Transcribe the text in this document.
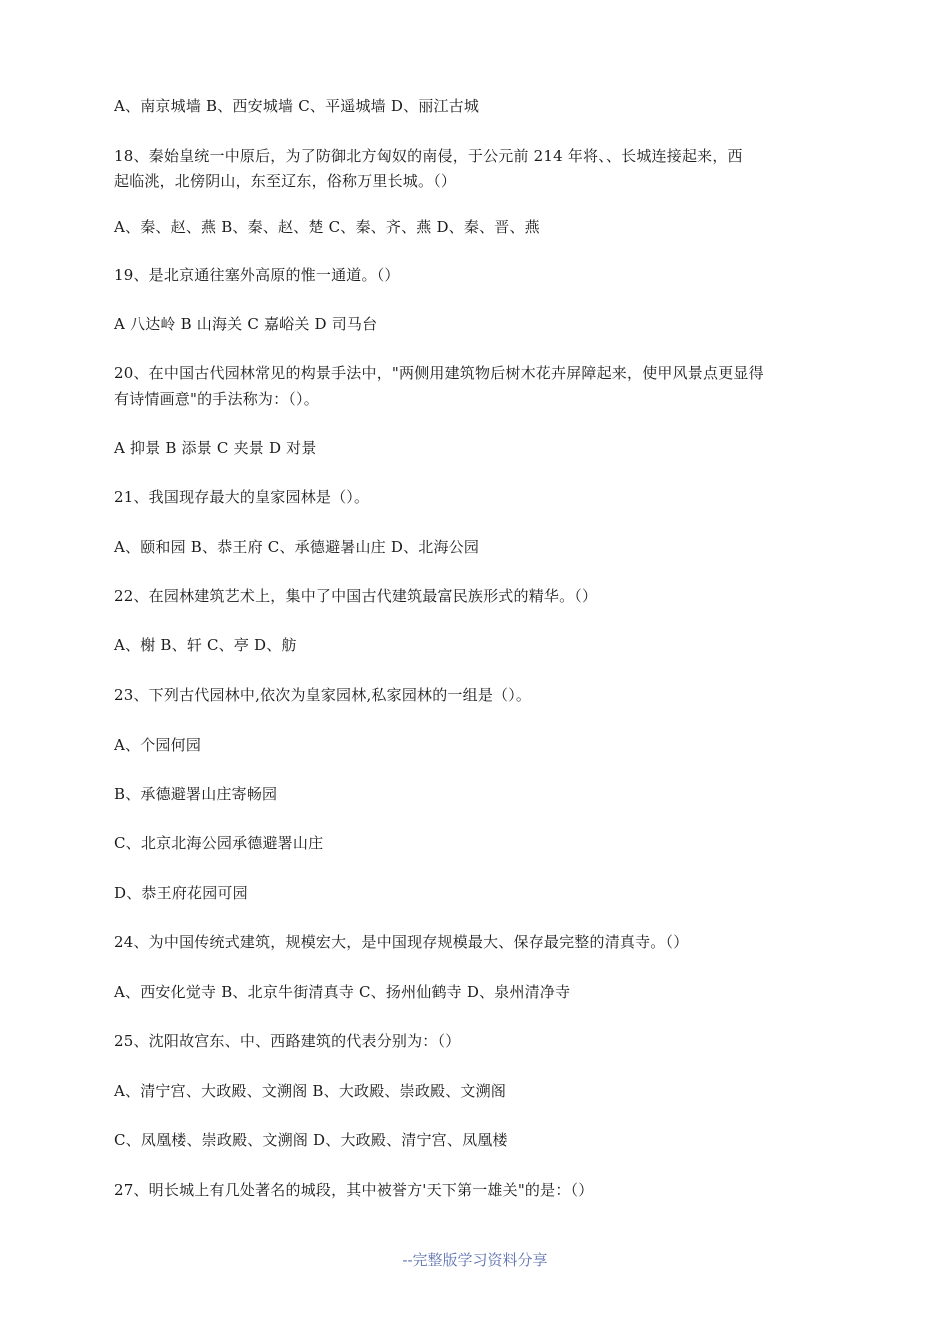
A、南京城墙 B、西安城墙 C、平遥城墙 D、丽江古城
18、秦始皇统一中原后，为了防御北方匈奴的南侵，于公元前 214 年将、、长城连接起来，西
起临洮，北傍阴山，东至辽东，俗称万里长城。（）
A、秦、赵、燕 B、秦、赵、楚 C、秦、齐、燕 D、秦、晋、燕
19、是北京通往塞外高原的惟一通道。（）
A 八达岭 B 山海关 C 嘉峪关 D 司马台
20、在中国古代园林常见的构景手法中，"两侧用建筑物后树木花卉屏障起来，使甲风景点更显得
有诗情画意"的手法称为：（）。
A 抑景 B 添景 C 夹景 D 对景
21、我国现存最大的皇家园林是（）。
A、颐和园 B、恭王府 C、承德避暑山庄 D、北海公园
22、在园林建筑艺术上，集中了中国古代建筑最富民族形式的精华。（）
A、榭 B、轩 C、亭 D、舫
23、下列古代园林中,依次为皇家园林,私家园林的一组是（）。
A、个园何园
B、承德避署山庄寄畅园
C、北京北海公园承德避署山庄
D、恭王府花园可园
24、为中国传统式建筑，规模宏大，是中国现存规模最大、保存最完整的清真寺。（）
A、西安化觉寺 B、北京牛街清真寺 C、扬州仙鹤寺 D、泉州清净寺
25、沈阳故宫东、中、西路建筑的代表分别为：（）
A、清宁宫、大政殿、文溯阁 B、大政殿、崇政殿、文溯阁
C、凤凰楼、崇政殿、文溯阁 D、大政殿、清宁宫、凤凰楼
27、明长城上有几处著名的城段，其中被誉方'天下第一雄关"的是：（）
--完整版学习资料分享
